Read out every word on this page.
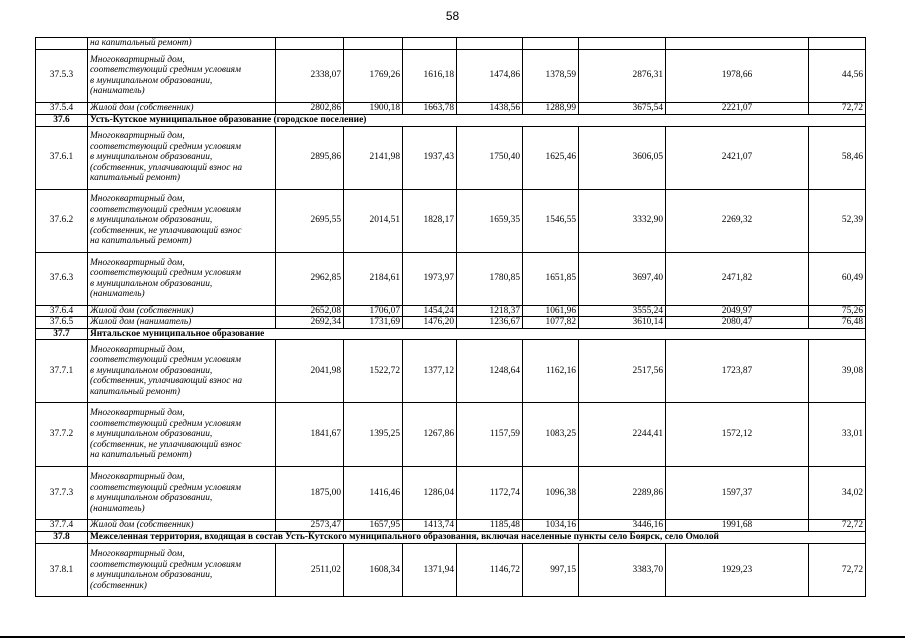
58

	на капитальный ремонт)								

37.5.3	Многоквартирный дом,
соответствующий средним условиям
в муниципальном образовании,
(наниматель)	2338,07	1769,26	1616,18	1474,86	1378,59	2876,31	1978,66	44,56
37.5.4	Жилой дом (собственник)	2802,86	1900,18	1663,78	1438,56	1288,99	3675,54	2221,07	72,72
37.6	Усть-Кутское муниципальное образование (городское поселение)								
37.6.1	Многоквартирный дом,
соответствующий средним условиям
в муниципальном образовании,
(собственник, уплачивающий взнос на
капитальный ремонт)	2895,86	2141,98	1937,43	1750,40	1625,46	3606,05	2421,07	58,46
37.6.2	Многоквартирный дом,
соответствующий средним условиям
в муниципальном образовании,
(собственник, не уплачивающий взнос
на капитальный ремонт)	2695,55	2014,51	1828,17	1659,35	1546,55	3332,90	2269,32	52,39
37.6.3	Многоквартирный дом,
соответствующий средним условиям
в муниципальном образовании,
(наниматель)	2962,85	2184,61	1973,97	1780,85	1651,85	3697,40	2471,82	60,49
37.6.4	Жилой дом (собственник)	2652,08	1706,07	1454,24	1218,37	1061,96	3555,24	2049,97	75,26
37.6.5	Жилой дом (наниматель)	2692,34	1731,69	1476,20	1236,67	1077,82	3610,14	2080,47	76,48
37.7	Янтальское муниципальное образование								
37.7.1	Многоквартирный дом,
соответствующий средним условиям
в муниципальном образовании,
(собственник, уплачивающий взнос на
капитальный ремонт)	2041,98	1522,72	1377,12	1248,64	1162,16	2517,56	1723,87	39,08
37.7.2	Многоквартирный дом,
соответствующий средним условиям
в муниципальном образовании,
(собственник, не уплачивающий взнос
на капитальный ремонт)	1841,67	1395,25	1267,86	1157,59	1083,25	2244,41	1572,12	33,01
37.7.3	Многоквартирный дом,
соответствующий средним условиям
в муниципальном образовании,
(наниматель)	1875,00	1416,46	1286,04	1172,74	1096,38	2289,86	1597,37	34,02
37.7.4	Жилой дом (собственник)	2573,47	1657,95	1413,74	1185,48	1034,16	3446,16	1991,68	72,72
37.8	Межселенная территория, входящая в состав Усть-Кутского муниципального образования, включая населенные пункты село Боярск, село Омолой								
37.8.1	Многоквартирный дом,
соответствующий средним условиям
в муниципальном образовании,
(собственник)	2511,02	1608,34	1371,94	1146,72	997,15	3383,70	1929,23	72,72
